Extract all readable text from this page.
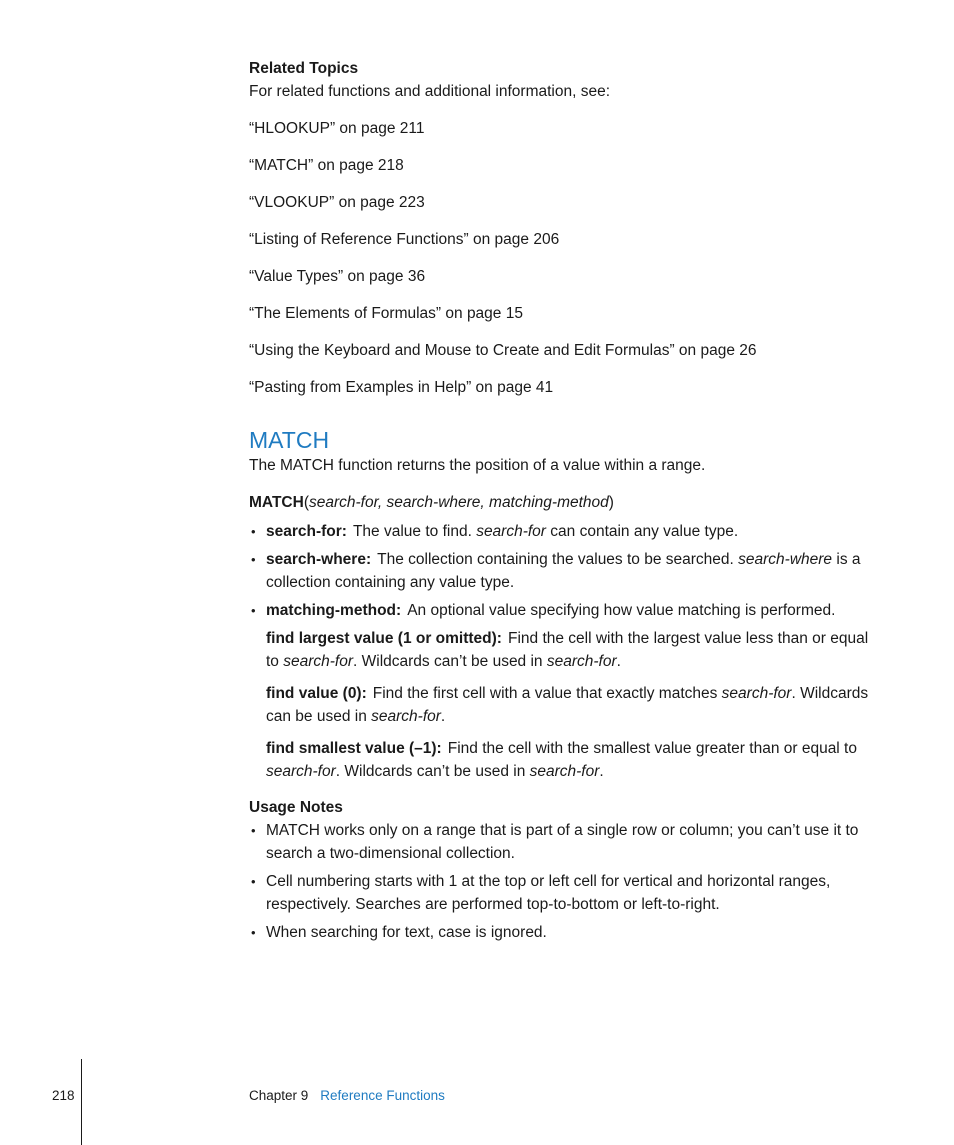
Related Topics

For related functions and additional information, see:

“HLOOKUP” on page 211
“MATCH” on page 218
“VLOOKUP” on page 223
“Listing of Reference Functions” on page 206
“Value Types” on page 36
“The Elements of Formulas” on page 15
“Using the Keyboard and Mouse to Create and Edit Formulas” on page 26
“Pasting from Examples in Help” on page 41
MATCH

The MATCH function returns the position of a value within a range.

MATCH(search-for, search-where, matching-method)

• search-for: The value to find. search-for can contain any value type.
• search-where: The collection containing the values to be searched. search-where is a collection containing any value type.
• matching-method: An optional value specifying how value matching is performed.
find largest value (1 or omitted): Find the cell with the largest value less than or equal to search-for. Wildcards can’t be used in search-for.
find value (0): Find the first cell with a value that exactly matches search-for. Wildcards can be used in search-for.
find smallest value (–1): Find the cell with the smallest value greater than or equal to search-for. Wildcards can’t be used in search-for.
Usage Notes
• MATCH works only on a range that is part of a single row or column; you can’t use it to search a two-dimensional collection.
• Cell numbering starts with 1 at the top or left cell for vertical and horizontal ranges, respectively. Searches are performed top-to-bottom or left-to-right.
• When searching for text, case is ignored.
218	Chapter 9 Reference Functions
